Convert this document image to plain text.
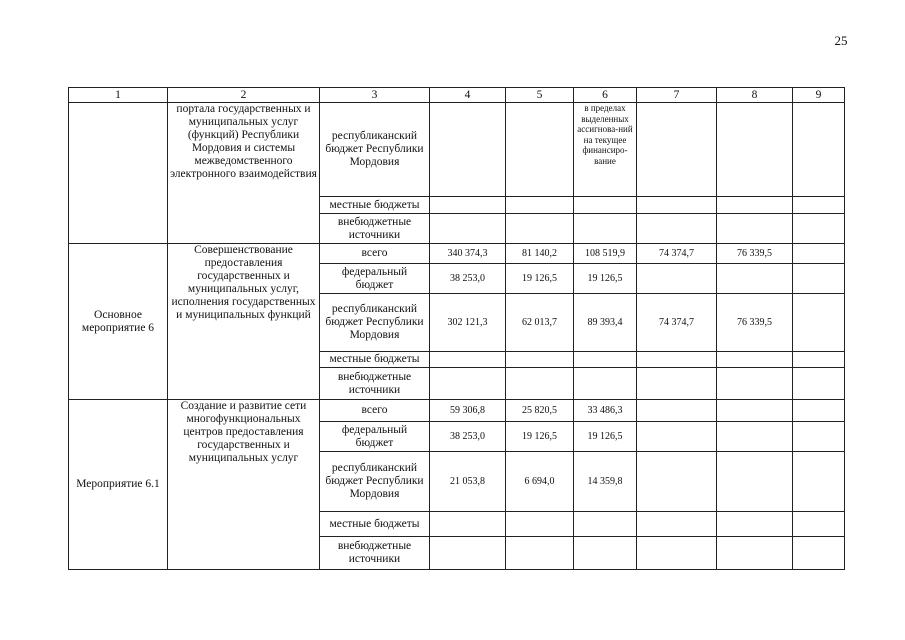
25
1	2	3	4	5	6	7	8	9
	портала государственных и муниципальных услуг (функций) Республики Мордовия и системы межведомственного электронного взаимодействия	республиканский бюджет Республики Мордовия			в пределах выделенных ассигнова-ний на текущее финансиро-вание			
		местные бюджеты						
		внебюджетные источники						
Основное мероприятие 6	Совершенствование предоставления государственных и муниципальных услуг, исполнения государственных и муниципальных функций	всего	340 374,3	81 140,2	108 519,9	74 374,7	76 339,5	
		федеральный бюджет	38 253,0	19 126,5	19 126,5			
		республиканский бюджет Республики Мордовия	302 121,3	62 013,7	89 393,4	74 374,7	76 339,5	
		местные бюджеты						
		внебюджетные источники						
Мероприятие 6.1	Создание и развитие сети многофункциональных центров предоставления государственных и муниципальных услуг	всего	59 306,8	25 820,5	33 486,3			
		федеральный бюджет	38 253,0	19 126,5	19 126,5			
		республиканский бюджет Республики Мордовия	21 053,8	6 694,0	14 359,8			
		местные бюджеты						
		внебюджетные источники						
